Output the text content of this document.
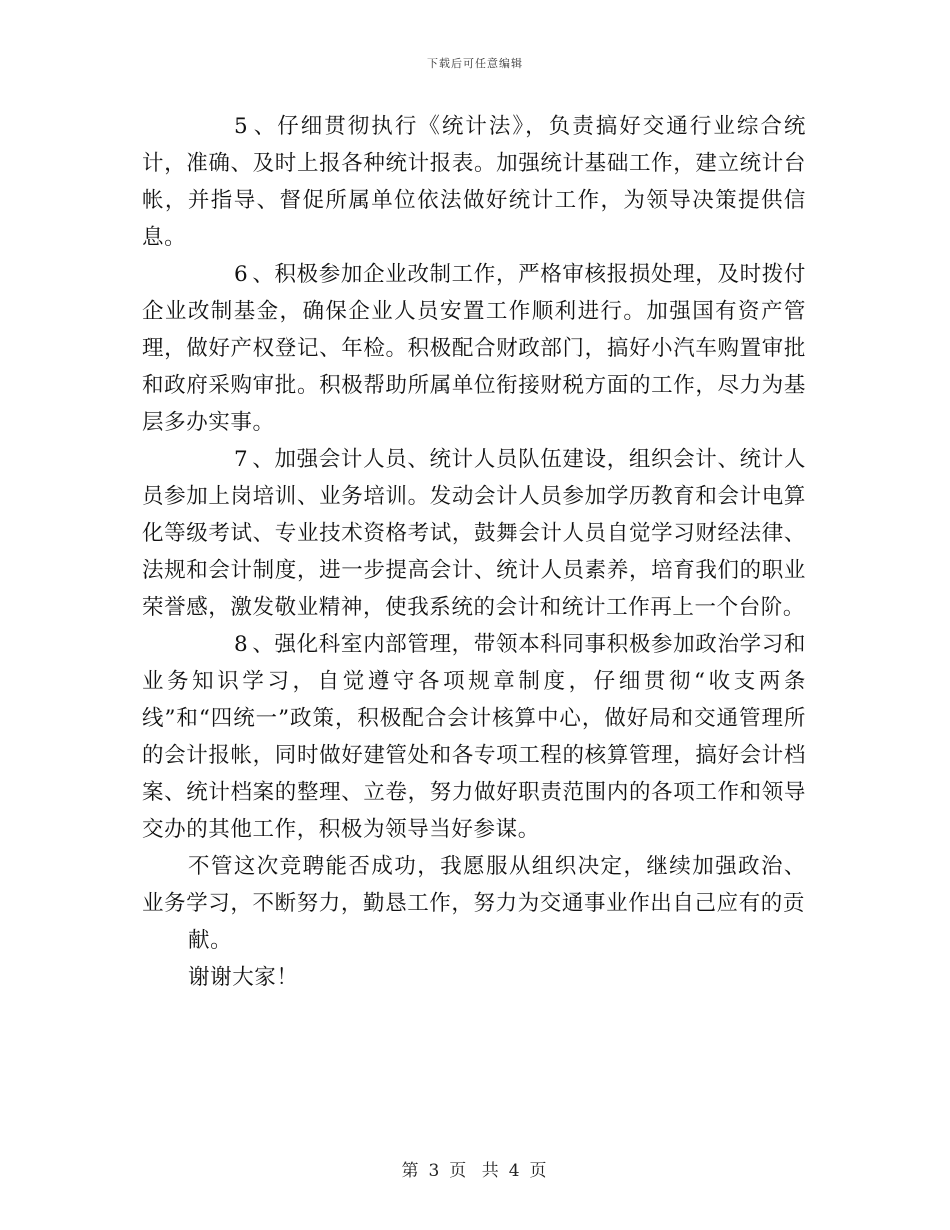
下载后可任意编辑

5 、仔细贯彻执行《统计法》，负责搞好交通行业综合统计，准确、及时上报各种统计报表。加强统计基础工作，建立统计台帐，并指导、督促所属单位依法做好统计工作，为领导决策提供信息。

6 、积极参加企业改制工作，严格审核报损处理，及时拨付企业改制基金，确保企业人员安置工作顺利进行。加强国有资产管理，做好产权登记、年检。积极配合财政部门，搞好小汽车购置审批和政府采购审批。积极帮助所属单位衔接财税方面的工作，尽力为基层多办实事。

7 、加强会计人员、统计人员队伍建设，组织会计、统计人员参加上岗培训、业务培训。发动会计人员参加学历教育和会计电算化等级考试、专业技术资格考试，鼓舞会计人员自觉学习财经法律、法规和会计制度，进一步提高会计、统计人员素养，培育我们的职业荣誉感，激发敬业精神，使我系统的会计和统计工作再上一个台阶。

8 、强化科室内部管理，带领本科同事积极参加政治学习和业务知识学习，自觉遵守各项规章制度，仔细贯彻“收支两条线”和“四统一”政策，积极配合会计核算中心，做好局和交通管理所的会计报帐，同时做好建管处和各专项工程的核算管理，搞好会计档案、统计档案的整理、立卷，努力做好职责范围内的各项工作和领导交办的其他工作，积极为领导当好参谋。

不管这次竞聘能否成功，我愿服从组织决定，继续加强政治、业务学习，不断努力，勤恳工作，努力为交通事业作出自己应有的贡

献。

谢谢大家！

第 3 页 共 4 页
